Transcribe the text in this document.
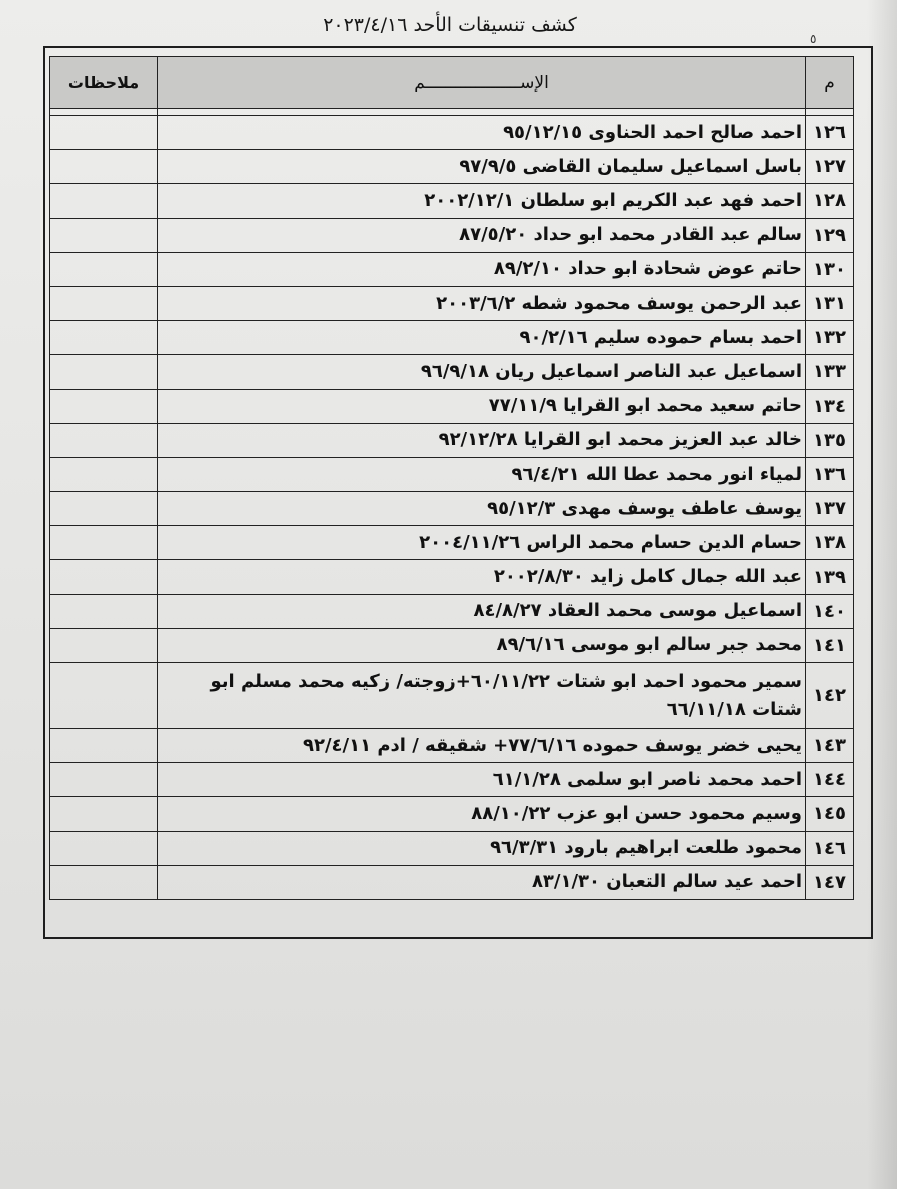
كشف تنسيقات الأحد ٢٠٢٣/٤/١٦
٥
م	الإســـــــــــــــــــم	ملاحظات

١٢٦	احمد صالح احمد الحناوى ٩٥/١٢/١٥	
١٢٧	باسل اسماعيل سليمان القاضى ٩٧/٩/٥	
١٢٨	احمد فهد عبد الكريم ابو سلطان ٢٠٠٢/١٢/١	
١٢٩	سالم عبد القادر محمد ابو حداد ٨٧/٥/٢٠	
١٣٠	حاتم عوض شحادة ابو حداد ٨٩/٢/١٠	
١٣١	عبد الرحمن يوسف محمود شطه ٢٠٠٣/٦/٢	
١٣٢	احمد بسام حموده سليم ٩٠/٢/١٦	
١٣٣	اسماعيل عبد الناصر اسماعيل ريان ٩٦/٩/١٨	
١٣٤	حاتم سعيد محمد ابو القرايا ٧٧/١١/٩	
١٣٥	خالد عبد العزيز محمد ابو القرايا ٩٢/١٢/٢٨	
١٣٦	لمياء انور محمد عطا الله ٩٦/٤/٢١	
١٣٧	يوسف عاطف يوسف مهدى ٩٥/١٢/٣	
١٣٨	حسام الدين حسام محمد الراس ٢٠٠٤/١١/٢٦	
١٣٩	عبد الله جمال كامل زايد ٢٠٠٢/٨/٣٠	
١٤٠	اسماعيل موسى محمد العقاد ٨٤/٨/٢٧	
١٤١	محمد جبر سالم ابو موسى ٨٩/٦/١٦	
١٤٢	سمير محمود احمد ابو شتات ٦٠/١١/٢٢+زوجته/ زكيه محمد مسلم ابو شتات ٦٦/١١/١٨	
١٤٣	يحيى خضر يوسف حموده ٧٧/٦/١٦+ شقيقه / ادم ٩٢/٤/١١	
١٤٤	احمد محمد ناصر ابو سلمى ٦١/١/٢٨	
١٤٥	وسيم محمود حسن ابو عزب ٨٨/١٠/٢٢	
١٤٦	محمود طلعت ابراهيم بارود ٩٦/٣/٣١	
١٤٧	احمد عيد سالم التعبان ٨٣/١/٣٠	
